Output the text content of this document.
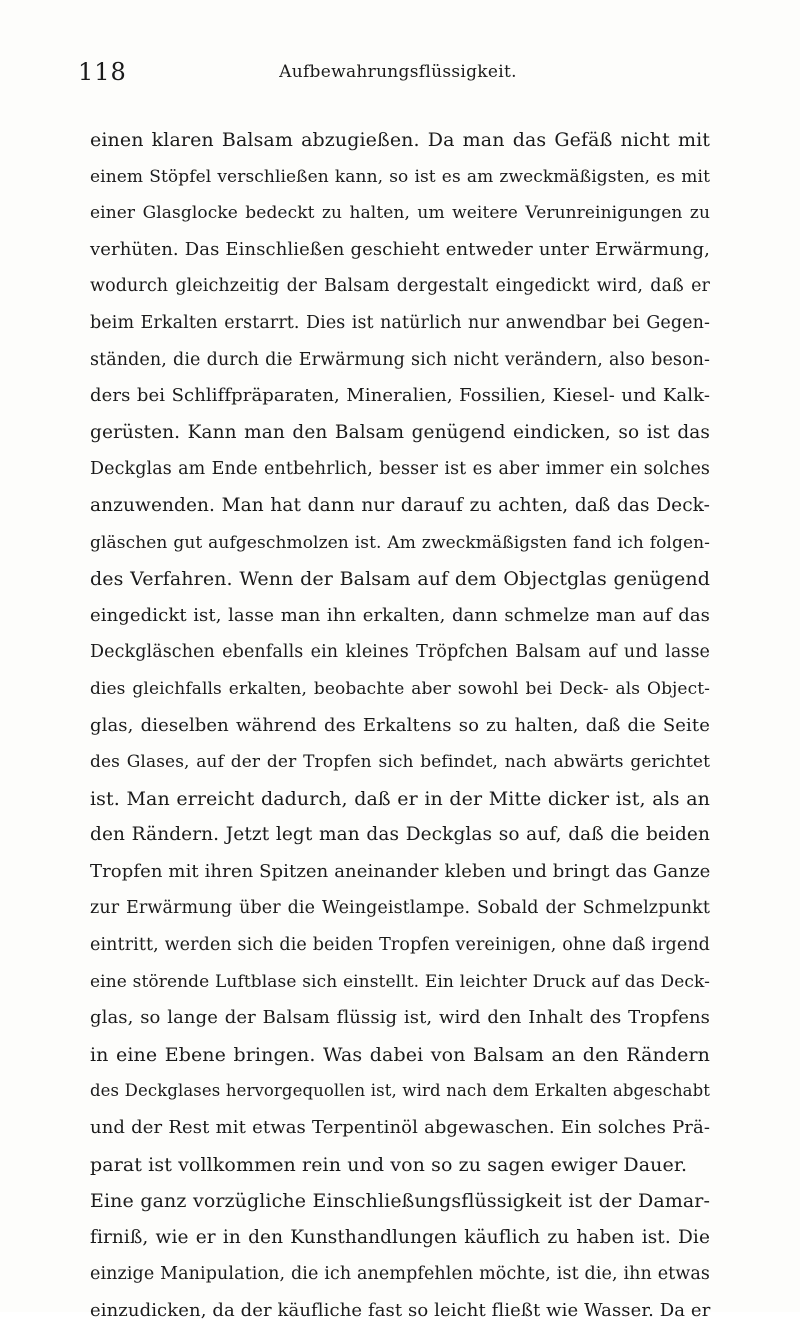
118	Aufbewahrungsflüssigkeit.
einen klaren Balsam abzugießen. Da man das Gefäß nicht mit
einem Stöpfel verschließen kann, so ist es am zweckmäßigsten, es mit
einer Glasglocke bedeckt zu halten, um weitere Verunreinigungen zu
verhüten. Das Einschließen geschieht entweder unter Erwärmung,
wodurch gleichzeitig der Balsam dergestalt eingedickt wird, daß er
beim Erkalten erstarrt. Dies ist natürlich nur anwendbar bei Gegen-
ständen, die durch die Erwärmung sich nicht verändern, also beson-
ders bei Schliffpräparaten, Mineralien, Fossilien, Kiesel- und Kalk-
gerüsten. Kann man den Balsam genügend eindicken, so ist das
Deckglas am Ende entbehrlich, besser ist es aber immer ein solches
anzuwenden. Man hat dann nur darauf zu achten, daß das Deck-
gläschen gut aufgeschmolzen ist. Am zweckmäßigsten fand ich folgen-
des Verfahren. Wenn der Balsam auf dem Objectglas genügend
eingedickt ist, lasse man ihn erkalten, dann schmelze man auf das
Deckgläschen ebenfalls ein kleines Tröpfchen Balsam auf und lasse
dies gleichfalls erkalten, beobachte aber sowohl bei Deck- als Object-
glas, dieselben während des Erkaltens so zu halten, daß die Seite
des Glases, auf der der Tropfen sich befindet, nach abwärts gerichtet
ist. Man erreicht dadurch, daß er in der Mitte dicker ist, als an
den Rändern. Jetzt legt man das Deckglas so auf, daß die beiden
Tropfen mit ihren Spitzen aneinander kleben und bringt das Ganze
zur Erwärmung über die Weingeistlampe. Sobald der Schmelzpunkt
eintritt, werden sich die beiden Tropfen vereinigen, ohne daß irgend
eine störende Luftblase sich einstellt. Ein leichter Druck auf das Deck-
glas, so lange der Balsam flüssig ist, wird den Inhalt des Tropfens
in eine Ebene bringen. Was dabei von Balsam an den Rändern
des Deckglases hervorgequollen ist, wird nach dem Erkalten abgeschabt
und der Rest mit etwas Terpentinöl abgewaschen. Ein solches Prä-
parat ist vollkommen rein und von so zu sagen ewiger Dauer.
Eine ganz vorzügliche Einschließungsflüssigkeit ist der Damar-
firniß, wie er in den Kunsthandlungen käuflich zu haben ist. Die
einzige Manipulation, die ich anempfehlen möchte, ist die, ihn etwas
einzudicken, da der käufliche fast so leicht fließt wie Wasser. Da er
